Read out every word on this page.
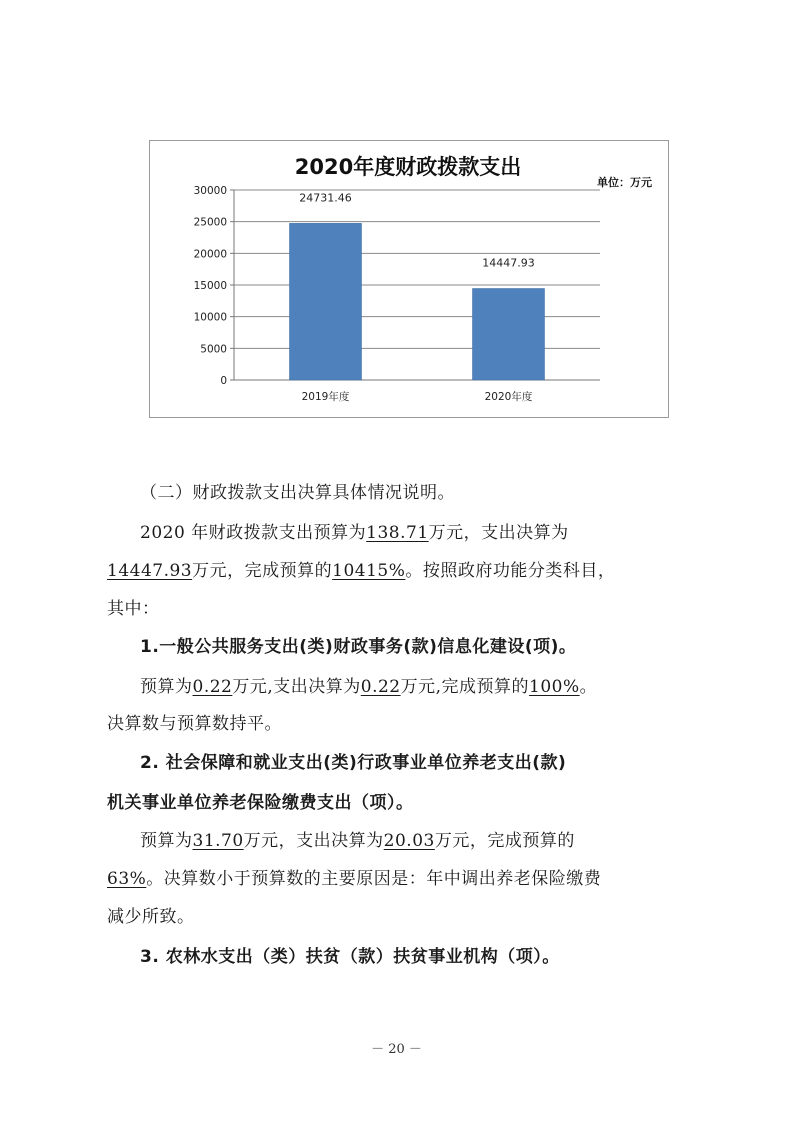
2020年度财政拨款支出
单位：万元
0
5000
10000
15000
20000
25000
30000
24731.46
2019年度
14447.93
2020年度
（二）财政拨款支出决算具体情况说明。
2020 年财政拨款支出预算为138.71万元，支出决算为
14447.93万元，完成预算的10415%。按照政府功能分类科目，
其中：
1.一般公共服务支出(类)财政事务(款)信息化建设(项)。
预算为0.22万元,支出决算为0.22万元,完成预算的100%。
决算数与预算数持平。
2. 社会保障和就业支出(类)行政事业单位养老支出(款)
机关事业单位养老保险缴费支出（项）。
预算为31.70万元，支出决算为20.03万元，完成预算的
63%。决算数小于预算数的主要原因是：年中调出养老保险缴费
减少所致。
3. 农林水支出（类）扶贫（款）扶贫事业机构（项）。
－ 20 －
